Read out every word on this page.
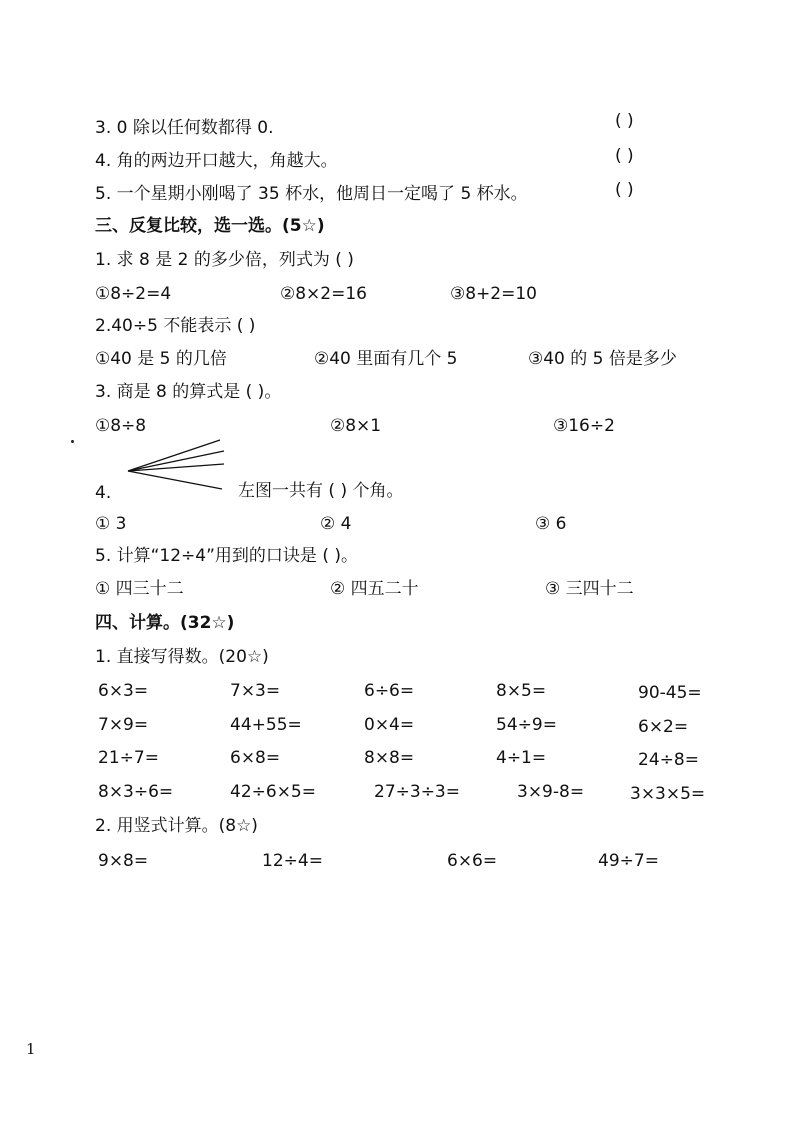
3. 0 除以任何数都得 0.	( )
4. 角的两边开口越大，角越大。	( )
5. 一个星期小刚喝了 35 杯水，他周日一定喝了 5 杯水。	( )
三、反复比较，选一选。(5☆)
1. 求 8 是 2 的多少倍，列式为 ( )
①8÷2=4	②8×2=16	③8+2=10
2.40÷5 不能表示 ( )
①40 是 5 的几倍	②40 里面有几个 5	③40 的 5 倍是多少
3. 商是 8 的算式是 ( )。
①8÷8	②8×1	③16÷2
4.	左图一共有 ( ) 个角。
① 3	② 4	③ 6
5. 计算“12÷4”用到的口诀是 ( )。
① 四三十二	② 四五二十	③ 三四十二
四、计算。(32☆)
1. 直接写得数。(20☆)
6×3=	7×3=	6÷6=	8×5=	90-45=
7×9=	44+55=	0×4=	54÷9=	6×2=
21÷7=	6×8=	8×8=	4÷1=	24÷8=
8×3÷6=	42÷6×5=	27÷3÷3=	3×9-8=	3×3×5=
2. 用竖式计算。(8☆)
9×8=	12÷4=	6×6=	49÷7=
1
